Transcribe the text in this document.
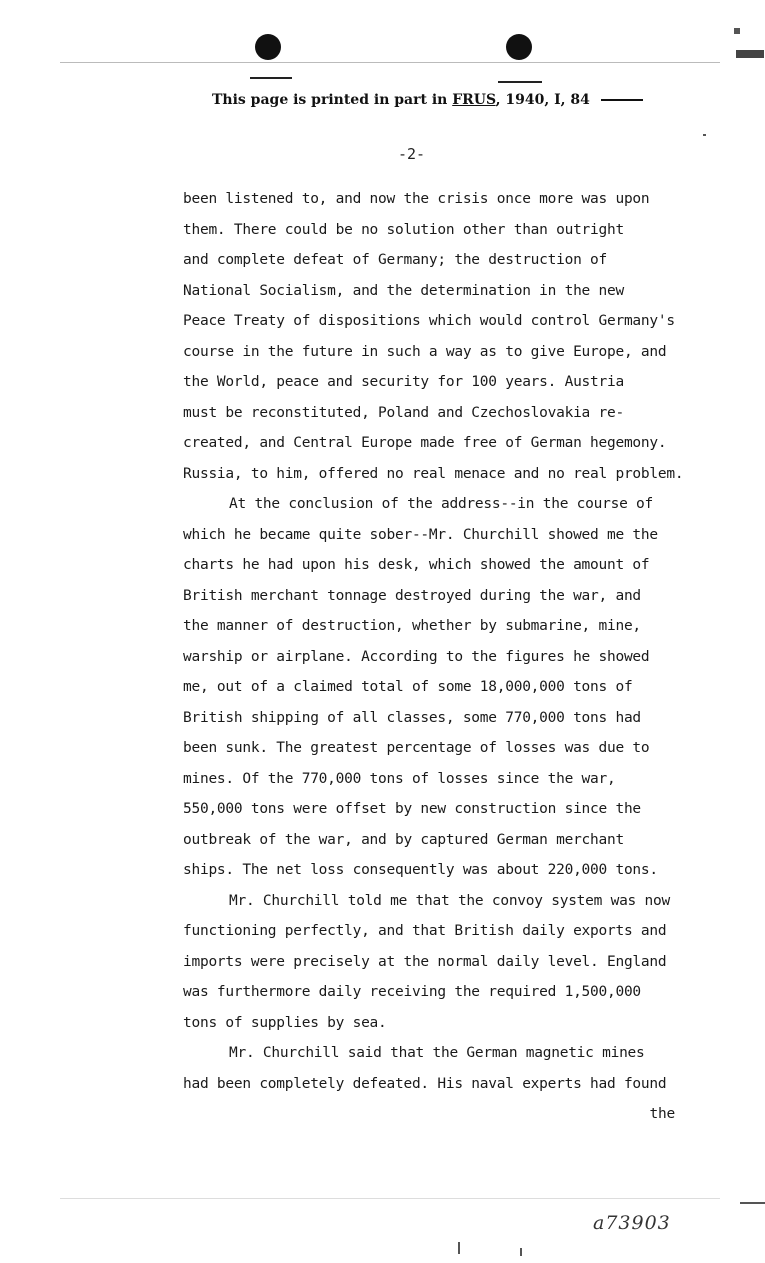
This page is printed in part in FRUS, 1940, I, 84
-2-
been listened to, and now the crisis once more was upon
them. There could be no solution other than outright
and complete defeat of Germany; the destruction of
National Socialism, and the determination in the new
Peace Treaty of dispositions which would control Germany's
course in the future in such a way as to give Europe, and
the World, peace and security for 100 years. Austria
must be reconstituted, Poland and Czechoslovakia re-
created, and Central Europe made free of German hegemony.
Russia, to him, offered no real menace and no real problem.
At the conclusion of the address--in the course of
which he became quite sober--Mr. Churchill showed me the
charts he had upon his desk, which showed the amount of
British merchant tonnage destroyed during the war, and
the manner of destruction, whether by submarine, mine,
warship or airplane. According to the figures he showed
me, out of a claimed total of some 18,000,000 tons of
British shipping of all classes, some 770,000 tons had
been sunk. The greatest percentage of losses was due to
mines. Of the 770,000 tons of losses since the war,
550,000 tons were offset by new construction since the
outbreak of the war, and by captured German merchant
ships. The net loss consequently was about 220,000 tons.
Mr. Churchill told me that the convoy system was now
functioning perfectly, and that British daily exports and
imports were precisely at the normal daily level. England
was furthermore daily receiving the required 1,500,000
tons of supplies by sea.
Mr. Churchill said that the German magnetic mines
had been completely defeated. His naval experts had found
the
a73903
